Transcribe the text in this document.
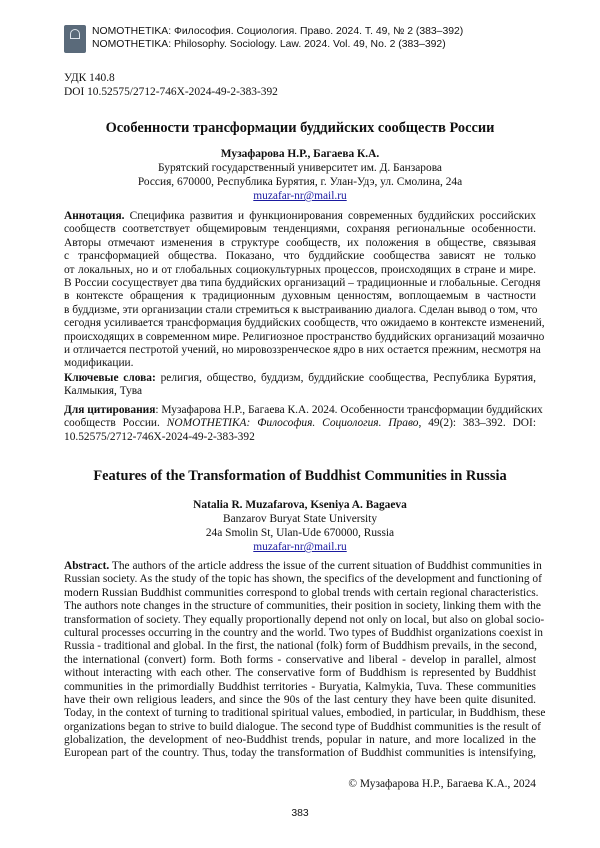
NOMOTHETIKA: Философия. Социология. Право. 2024. Т. 49, № 2 (383–392)
NOMOTHETIKA: Philosophy. Sociology. Law. 2024. Vol. 49, No. 2 (383–392)
УДК 140.8
DOI 10.52575/2712-746X-2024-49-2-383-392
Особенности трансформации буддийских сообществ России
Музафарова Н.Р., Багаева К.А.
Бурятский государственный университет им. Д. Банзарова
Россия, 670000, Республика Бурятия, г. Улан-Удэ, ул. Смолина, 24а
muzafar-nr@mail.ru
Аннотация. Специфика развития и функционирования современных буддийских российских
сообществ соответствует общемировым тенденциями, сохраняя региональные особенности.
Авторы отмечают изменения в структуре сообществ, их положения в обществе, связывая
с трансформацией общества. Показано, что буддийские сообщества зависят не только
от локальных, но и от глобальных социокультурных процессов, происходящих в стране и мире.
В России сосуществует два типа буддийских организаций – традиционные и глобальные. Сегодня
в контексте обращения к традиционным духовным ценностям, воплощаемым в частности
в буддизме, эти организации стали стремиться к выстраиванию диалога. Сделан вывод о том, что
сегодня усиливается трансформация буддийских сообществ, что ожидаемо в контексте изменений,
происходящих в современном мире. Религиозное пространство буддийских организаций мозаично
и отличается пестротой учений, но мировоззренческое ядро в них остается прежним, несмотря на
модификации.
Ключевые слова: религия, общество, буддизм, буддийские сообщества, Республика Бурятия,
Калмыкия, Тува
Для цитирования: Музафарова Н.Р., Багаева К.А. 2024. Особенности трансформации буддийских
сообществ России. NOMOTHETIKA: Философия. Социология. Право, 49(2): 383–392. DOI:
10.52575/2712-746X-2024-49-2-383-392
Features of the Transformation of Buddhist Communities in Russia
Natalia R. Muzafarova, Kseniya A. Bagaeva
Banzarov Buryat State University
24a Smolin St, Ulan-Ude 670000, Russia
muzafar-nr@mail.ru
Abstract. The authors of the article address the issue of the current situation of Buddhist communities in
Russian society. As the study of the topic has shown, the specifics of the development and functioning of
modern Russian Buddhist communities correspond to global trends with certain regional characteristics.
The authors note changes in the structure of communities, their position in society, linking them with the
transformation of society. They equally proportionally depend not only on local, but also on global socio-
cultural processes occurring in the country and the world. Two types of Buddhist organizations coexist in
Russia - traditional and global. In the first, the national (folk) form of Buddhism prevails, in the second,
the international (convert) form. Both forms - conservative and liberal - develop in parallel, almost
without interacting with each other. The conservative form of Buddhism is represented by Buddhist
communities in the primordially Buddhist territories - Buryatia, Kalmykia, Tuva. These communities
have their own religious leaders, and since the 90s of the last century they have been quite disunited.
Today, in the context of turning to traditional spiritual values, embodied, in particular, in Buddhism, these
organizations began to strive to build dialogue. The second type of Buddhist communities is the result of
globalization, the development of neo-Buddhist trends, popular in nature, and more localized in the
European part of the country. Thus, today the transformation of Buddhist communities is intensifying,
© Музафарова Н.Р., Багаева К.А., 2024
383
